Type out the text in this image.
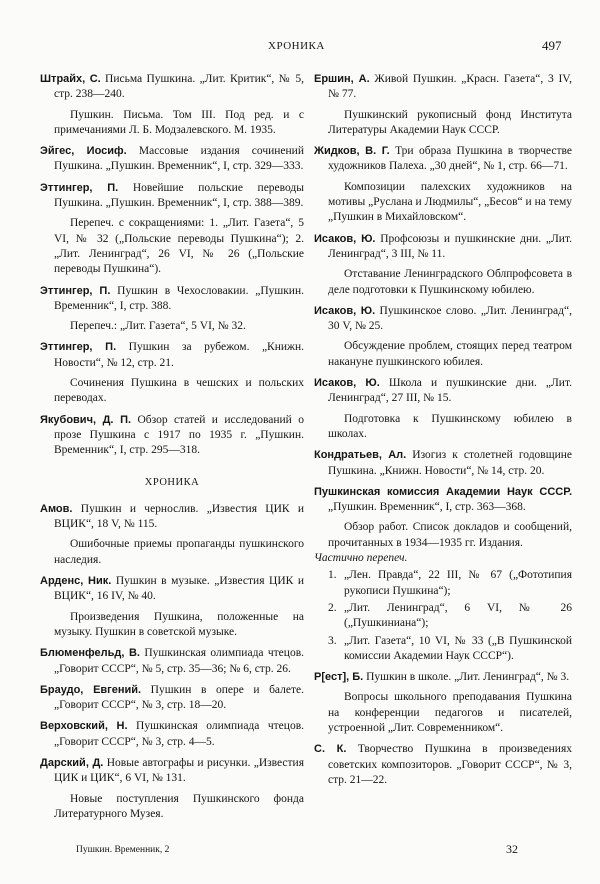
ХРОНИКА	497

Штрайх, С. Письма Пушкина. „Лит. Критик“, № 5, стр. 238—240.

Пушкин. Письма. Том III. Под ред. и с примечаниями Л. Б. Модзалевского. М. 1935.

Эйгес, Иосиф. Массовые издания сочинений Пушкина. „Пушкин. Временник“, I, стр. 329—333.

Эттингер, П. Новейшие польские переводы Пушкина. „Пушкин. Временник“, I, стр. 388—389.

Перепеч. с сокращениями: 1. „Лит. Газета“, 5 VI, № 32 („Польские переводы Пушкина“); 2. „Лит. Ленинград“, 26 VI, № 26 („Польские переводы Пушкина“).

Эттингер, П. Пушкин в Чехословакии. „Пушкин. Временник“, I, стр. 388.

Перепеч.: „Лит. Газета“, 5 VI, № 32.

Эттингер, П. Пушкин за рубежом. „Книжн. Новости“, № 12, стр. 21.

Сочинения Пушкина в чешских и польских переводах.

Якубович, Д. П. Обзор статей и исследований о прозе Пушкина с 1917 по 1935 г. „Пушкин. Временник“, I, стр. 295—318.

ХРОНИКА

Амов. Пушкин и чернослив. „Известия ЦИК и ВЦИК“, 18 V, № 115.

Ошибочные приемы пропаганды пушкинского наследия.

Арденс, Ник. Пушкин в музыке. „Известия ЦИК и ВЦИК“, 16 IV, № 40.

Произведения Пушкина, положенные на музыку. Пушкин в советской музыке.

Блюменфельд, В. Пушкинская олимпиада чтецов. „Говорит СССР“, № 5, стр. 35—36; № 6, стр. 26.

Браудо, Евгений. Пушкин в опере и балете. „Говорит СССР“, № 3, стр. 18—20.

Верховский, Н. Пушкинская олимпиада чтецов. „Говорит СССР“, № 3, стр. 4—5.

Дарский, Д. Новые автографы и рисунки. „Известия ЦИК и ЦИК“, 6 VI, № 131.

Новые поступления Пушкинского фонда Литературного Музея.

Ершин, А. Живой Пушкин. „Красн. Газета“, 3 IV, № 77.

Пушкинский рукописный фонд Института Литературы Академии Наук СССР.

Жидков, В. Г. Три образа Пушкина в творчестве художников Палеха. „30 дней“, № 1, стр. 66—71.

Композиции палехских художников на мотивы „Руслана и Людмилы“, „Бесов“ и на тему „Пушкин в Михайловском“.

Исаков, Ю. Профсоюзы и пушкинские дни. „Лит. Ленинград“, 3 III, № 11.

Отставание Ленинградского Облпрофсовета в деле подготовки к Пушкинскому юбилею.

Исаков, Ю. Пушкинское слово. „Лит. Ленинград“, 30 V, № 25.

Обсуждение проблем, стоящих перед театром накануне пушкинского юбилея.

Исаков, Ю. Школа и пушкинские дни. „Лит. Ленинград“, 27 III, № 15.

Подготовка к Пушкинскому юбилею в школах.

Кондратьев, Ал. Изогиз к столетней годовщине Пушкина. „Книжн. Новости“, № 14, стр. 20.

Пушкинская комиссия Академии Наук СССР. „Пушкин. Временник“, I, стр. 363—368.

Обзор работ. Список докладов и сообщений, прочитанных в 1934—1935 гг. Издания.

Частично перепеч.

1. „Лен. Правда“, 22 III, № 67 („Фототипия рукописи Пушкина“);
2. „Лит. Ленинград“, 6 VI, № 26 („Пушкиниана“);
3. „Лит. Газета“, 10 VI, № 33 („В Пушкинской комиссии Академии Наук СССР“).

Р[ест], Б. Пушкин в школе. „Лит. Ленинград“, № 3.

Вопросы школьного преподавания Пушкина на конференции педагогов и писателей, устроенной „Лит. Современником“.

С. К. Творчество Пушкина в произведениях советских композиторов. „Говорит СССР“, № 3, стр. 21—22.

Пушкин. Временник, 2	32
